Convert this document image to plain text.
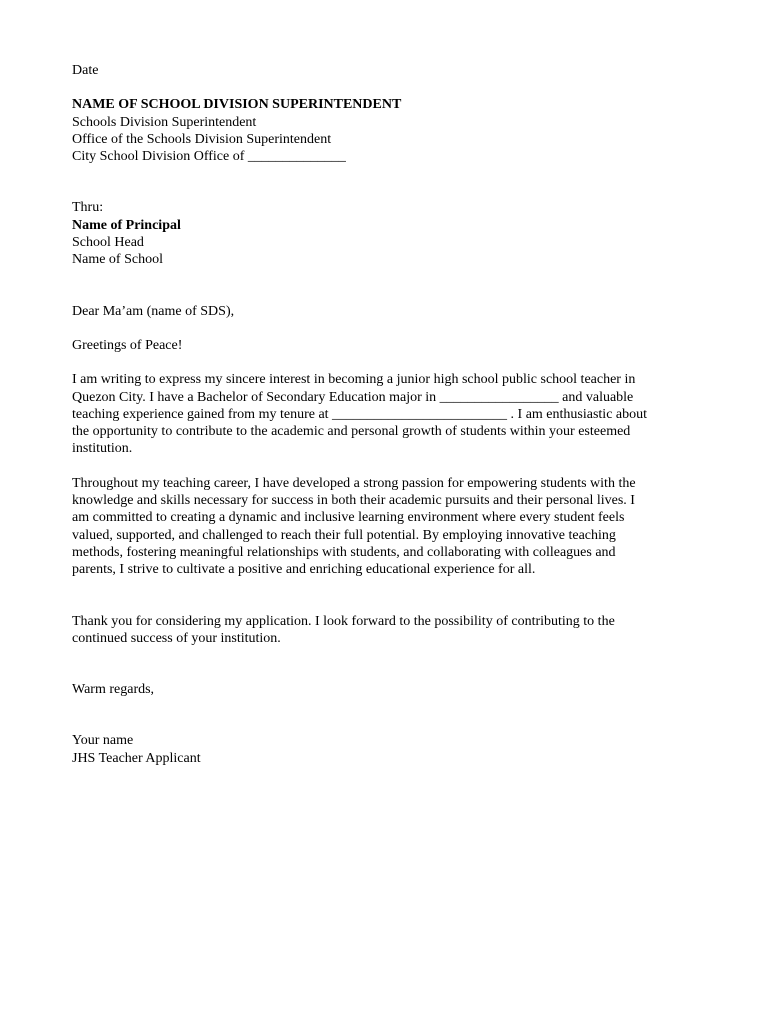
Date
NAME OF SCHOOL DIVISION SUPERINTENDENT
Schools Division Superintendent
Office of the Schools Division Superintendent
City School Division Office of ______________
Thru:
Name of Principal
School Head
Name of School
Dear Ma’am (name of SDS),
Greetings of Peace!
I am writing to express my sincere interest in becoming a junior high school public school teacher in
Quezon City. I have a Bachelor of Secondary Education major in _________________ and valuable
teaching experience gained from my tenure at _________________________ . I am enthusiastic about
the opportunity to contribute to the academic and personal growth of students within your esteemed
institution.
Throughout my teaching career, I have developed a strong passion for empowering students with the
knowledge and skills necessary for success in both their academic pursuits and their personal lives. I
am committed to creating a dynamic and inclusive learning environment where every student feels
valued, supported, and challenged to reach their full potential. By employing innovative teaching
methods, fostering meaningful relationships with students, and collaborating with colleagues and
parents, I strive to cultivate a positive and enriching educational experience for all.
Thank you for considering my application. I look forward to the possibility of contributing to the
continued success of your institution.
Warm regards,
Your name
JHS Teacher Applicant
